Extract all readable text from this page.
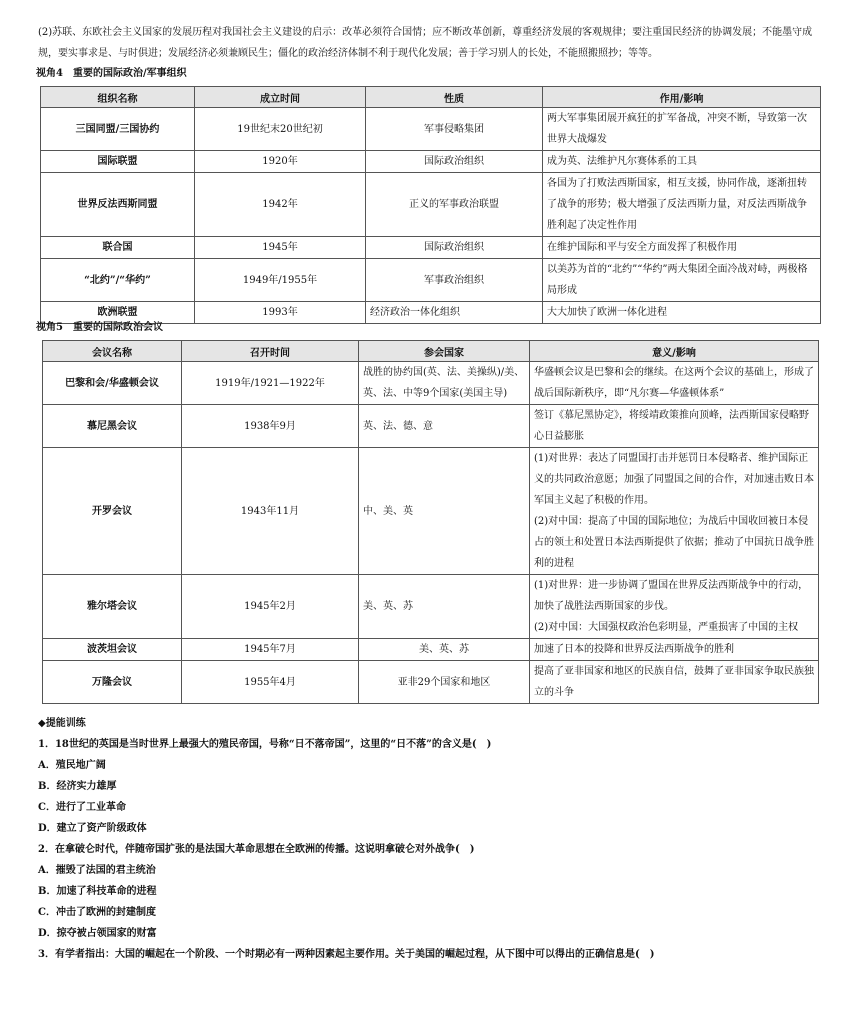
(2)苏联、东欧社会主义国家的发展历程对我国社会主义建设的启示：改革必须符合国情；应不断改革创新，尊重经济发展的客观规律；要注重国民经济的协调发展；不能墨守成规，要实事求是、与时俱进；发展经济必须兼顾民生；僵化的政治经济体制不利于现代化发展；善于学习别人的长处，不能照搬照抄；等等。
视角4　重要的国际政治/军事组织
组织名称	成立时间	性质	作用/影响
三国同盟/三国协约	19世纪末20世纪初	军事侵略集团	两大军事集团展开疯狂的扩军备战，冲突不断，导致第一次世界大战爆发
国际联盟	1920年	国际政治组织	成为英、法维护凡尔赛体系的工具
世界反法西斯同盟	1942年	正义的军事政治联盟	各国为了打败法西斯国家，相互支援，协同作战，逐渐扭转了战争的形势；极大增强了反法西斯力量，对反法西斯战争胜利起了决定性作用
联合国	1945年	国际政治组织	在维护国际和平与安全方面发挥了积极作用
“北约”/“华约”	1949年/1955年	军事政治组织	以美苏为首的“北约”“华约”两大集团全面冷战对峙，两极格局形成
欧洲联盟	1993年	经济政治一体化组织	大大加快了欧洲一体化进程
视角5　重要的国际政治会议
会议名称	召开时间	参会国家	意义/影响
巴黎和会/华盛顿会议	1919年/1921—1922年	战胜的协约国(英、法、美操纵)/美、英、法、中等9个国家(美国主导)	华盛顿会议是巴黎和会的继续。在这两个会议的基础上，形成了战后国际新秩序，即“凡尔赛—华盛顿体系”
慕尼黑会议	1938年9月	英、法、德、意	签订《慕尼黑协定》，将绥靖政策推向顶峰，法西斯国家侵略野心日益膨胀
开罗会议	1943年11月	中、美、英	(1)对世界：表达了同盟国打击并惩罚日本侵略者、维护国际正义的共同政治意愿；加强了同盟国之间的合作，对加速击败日本军国主义起了积极的作用。
(2)对中国：提高了中国的国际地位；为战后中国收回被日本侵占的领土和处置日本法西斯提供了依据；推动了中国抗日战争胜利的进程
雅尔塔会议	1945年2月	美、英、苏	(1)对世界：进一步协调了盟国在世界反法西斯战争中的行动，加快了战胜法西斯国家的步伐。
(2)对中国：大国强权政治色彩明显，严重损害了中国的主权
波茨坦会议	1945年7月	美、英、苏	加速了日本的投降和世界反法西斯战争的胜利
万隆会议	1955年4月	亚非29个国家和地区	提高了亚非国家和地区的民族自信，鼓舞了亚非国家争取民族独立的斗争
◆提能训练
1．18世纪的英国是当时世界上最强大的殖民帝国，号称“日不落帝国”，这里的“日不落”的含义是(　)
A．殖民地广阔
B．经济实力雄厚
C．进行了工业革命
D．建立了资产阶级政体
2．在拿破仑时代，伴随帝国扩张的是法国大革命思想在全欧洲的传播。这说明拿破仑对外战争(　)
A．摧毁了法国的君主统治
B．加速了科技革命的进程
C．冲击了欧洲的封建制度
D．掠夺被占领国家的财富
3．有学者指出：大国的崛起在一个阶段、一个时期必有一两种因素起主要作用。关于美国的崛起过程，从下图中可以得出的正确信息是(　)
